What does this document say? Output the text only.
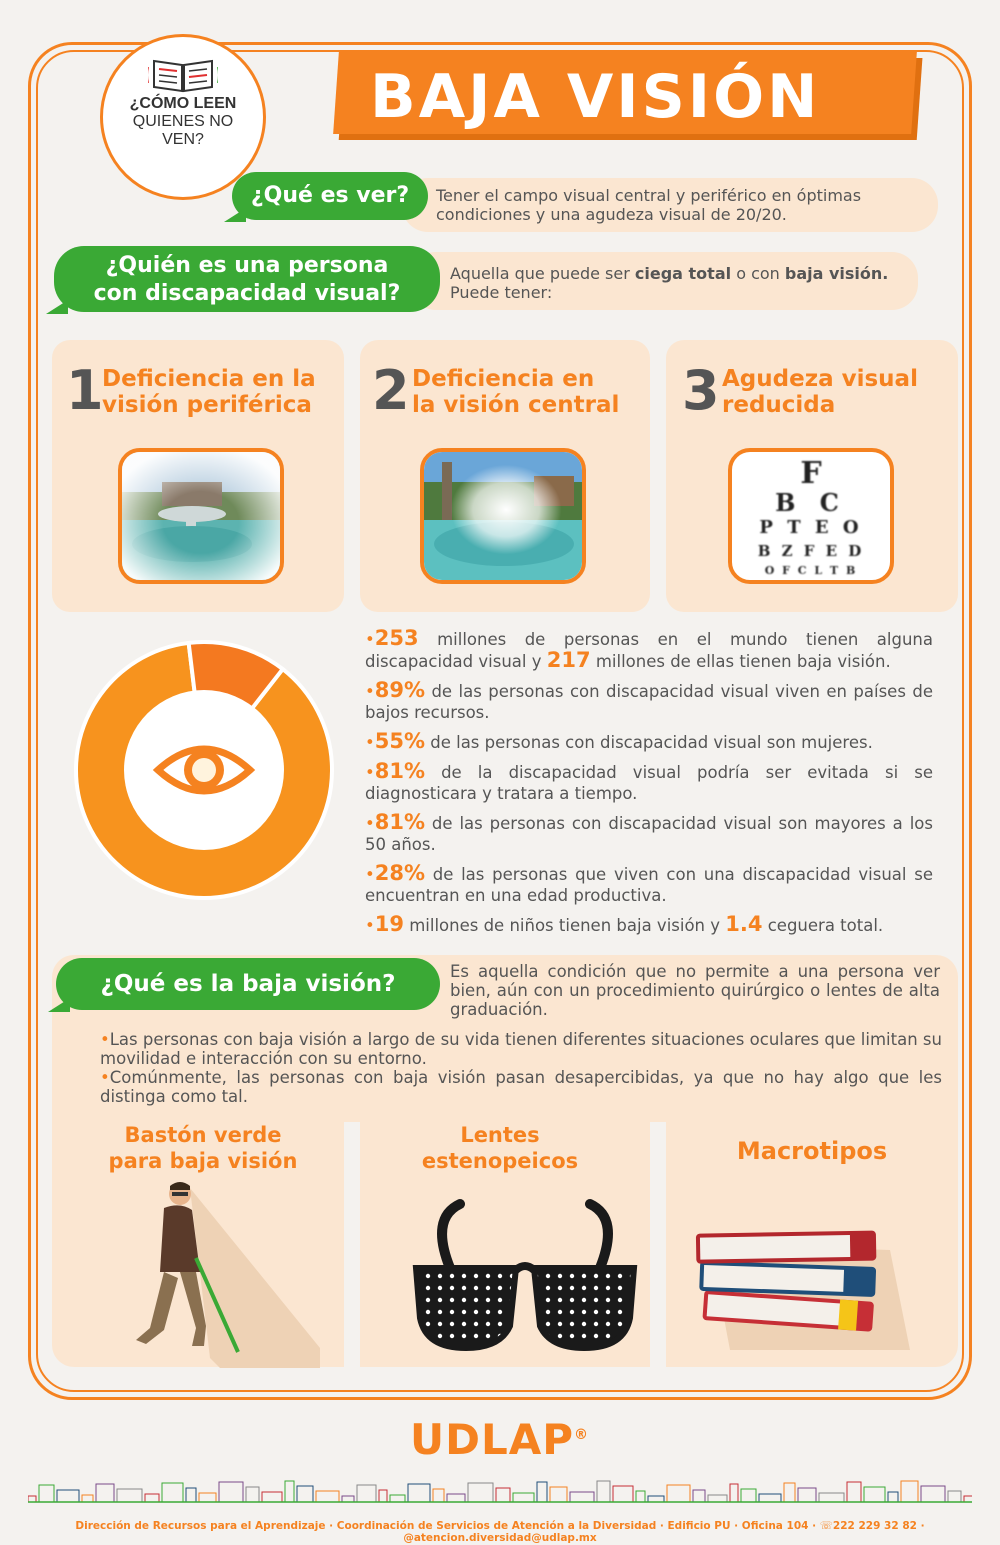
BAJA VISIÓN
¿CÓMO LEEN
QUIENES NO VEN?
Tener el campo visual central y periférico en óptimas condiciones y una agudeza visual de 20/20.
¿Qué es ver?
Aquella que puede ser ciega total o con baja visión. Puede tener:
¿Quién es una persona
con discapacidad visual?
1
Deficiencia en la
visión periférica 2 Deficiencia en
la visión central 3 Agudeza visual
reducida
F
B C
P T E O
B Z F E D
O F C L T B
•253 millones de personas en el mundo tienen alguna discapacidad visual y 217 millones de ellas tienen baja visión.
•89% de las personas con discapacidad visual viven en países de bajos recursos.
•55% de las personas con discapacidad visual son mujeres.
•81% de la discapacidad visual podría ser evitada si se diagnosticara y tratara a tiempo.
•81% de las personas con discapacidad visual son mayores a los 50 años.
•28% de las personas que viven con una discapacidad visual se encuentran en una edad productiva.
•19 millones de niños tienen baja visión y 1.4 ceguera total.
¿Qué es la baja visión?	Es aquella condición que no permite a una persona ver bien, aún con un procedimiento quirúrgico o lentes de alta graduación.
•Las personas con baja visión a largo de su vida tienen diferentes situaciones oculares que limitan su movilidad e interacción con su entorno.
•Comúnmente, las personas con baja visión pasan desapercibidas, ya que no hay algo que les distinga como tal.
Bastón verde
para baja visión
Lentes
estenopeicos	Macrotipos
UDLAP®
Dirección de Recursos para el Aprendizaje · Coordinación de Servicios de Atención a la Diversidad · Edificio PU · Oficina 104 · ☏222 229 32 82 · @atencion.diversidad@udlap.mx
